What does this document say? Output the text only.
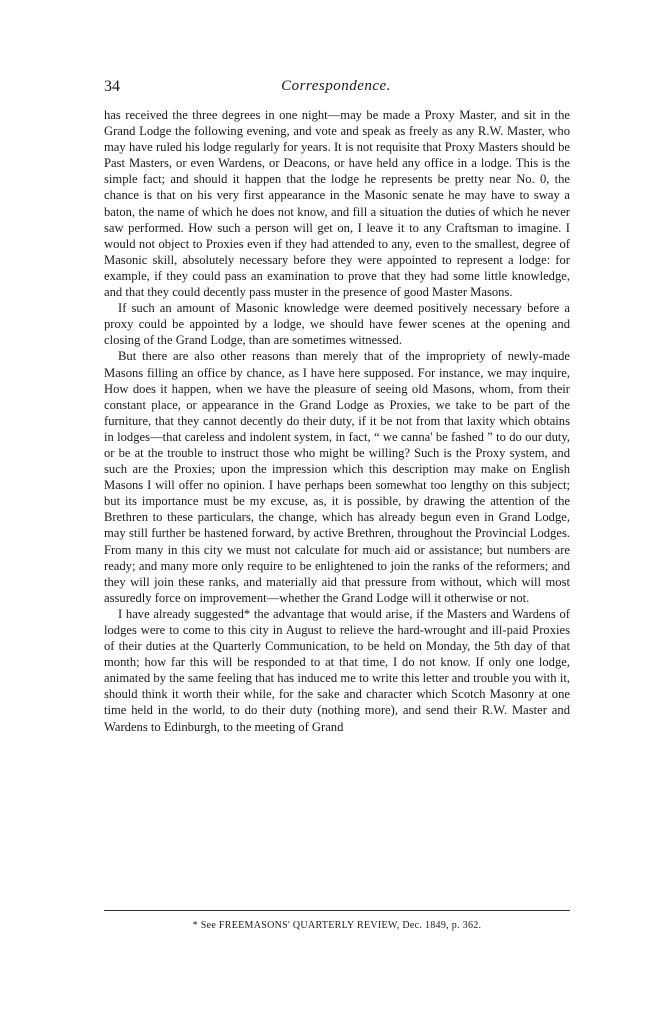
34	Correspondence.

has received the three degrees in one night—may be made a Proxy Master, and sit in the Grand Lodge the following evening, and vote and speak as freely as any R.W. Master, who may have ruled his lodge regularly for years. It is not requisite that Proxy Masters should be Past Masters, or even Wardens, or Deacons, or have held any office in a lodge. This is the simple fact; and should it happen that the lodge he represents be pretty near No. 0, the chance is that on his very first appearance in the Masonic senate he may have to sway a baton, the name of which he does not know, and fill a situation the duties of which he never saw performed. How such a person will get on, I leave it to any Craftsman to imagine. I would not object to Proxies even if they had attended to any, even to the smallest, degree of Masonic skill, absolutely necessary before they were appointed to represent a lodge: for example, if they could pass an examination to prove that they had some little knowledge, and that they could decently pass muster in the presence of good Master Masons.

If such an amount of Masonic knowledge were deemed positively necessary before a proxy could be appointed by a lodge, we should have fewer scenes at the opening and closing of the Grand Lodge, than are sometimes witnessed.

But there are also other reasons than merely that of the impropriety of newly-made Masons filling an office by chance, as I have here supposed. For instance, we may inquire, How does it happen, when we have the pleasure of seeing old Masons, whom, from their constant place, or appearance in the Grand Lodge as Proxies, we take to be part of the furniture, that they cannot decently do their duty, if it be not from that laxity which obtains in lodges—that careless and indolent system, in fact, “ we canna' be fashed ” to do our duty, or be at the trouble to instruct those who might be willing? Such is the Proxy system, and such are the Proxies; upon the impression which this description may make on English Masons I will offer no opinion. I have perhaps been somewhat too lengthy on this subject; but its importance must be my excuse, as, it is possible, by drawing the attention of the Brethren to these particulars, the change, which has already begun even in Grand Lodge, may still further be hastened forward, by active Brethren, throughout the Provincial Lodges. From many in this city we must not calculate for much aid or assistance; but numbers are ready; and many more only require to be enlightened to join the ranks of the reformers; and they will join these ranks, and materially aid that pressure from without, which will most assuredly force on improvement—whether the Grand Lodge will it otherwise or not.

I have already suggested* the advantage that would arise, if the Masters and Wardens of lodges were to come to this city in August to relieve the hard-wrought and ill-paid Proxies of their duties at the Quarterly Communication, to be held on Monday, the 5th day of that month; how far this will be responded to at that time, I do not know. If only one lodge, animated by the same feeling that has induced me to write this letter and trouble you with it, should think it worth their while, for the sake and character which Scotch Masonry at one time held in the world, to do their duty (nothing more), and send their R.W. Master and Wardens to Edinburgh, to the meeting of Grand

* See FREEMASONS' QUARTERLY REVIEW, Dec. 1849, p. 362.
